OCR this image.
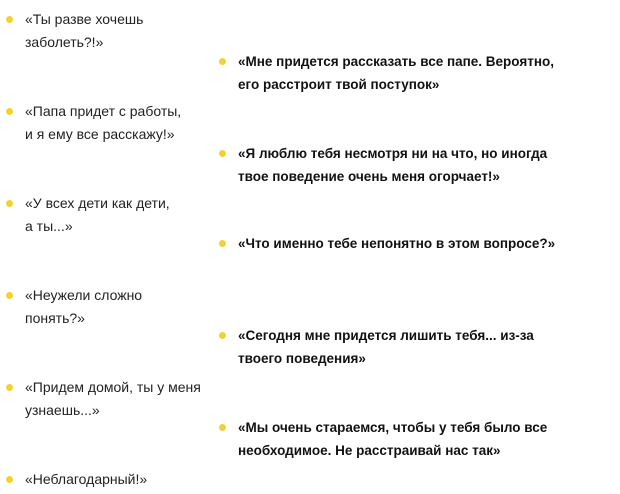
«Ты разве хочешь
заболеть?!»
«Папа придет с работы,
и я ему все расскажу!»
«У всех дети как дети,
а ты...»
«Неужели сложно
понять?»
«Придем домой, ты у меня
узнаешь...»
«Неблагодарный!»
«Мне придется рассказать все папе. Вероятно,
его расстроит твой поступок»
«Я люблю тебя несмотря ни на что, но иногда
твое поведение очень меня огорчает!»
«Что именно тебе непонятно в этом вопросе?»
«Сегодня мне придется лишить тебя... из-за
твоего поведения»
«Мы очень стараемся, чтобы у тебя было все
необходимое. Не расстраивай нас так»
